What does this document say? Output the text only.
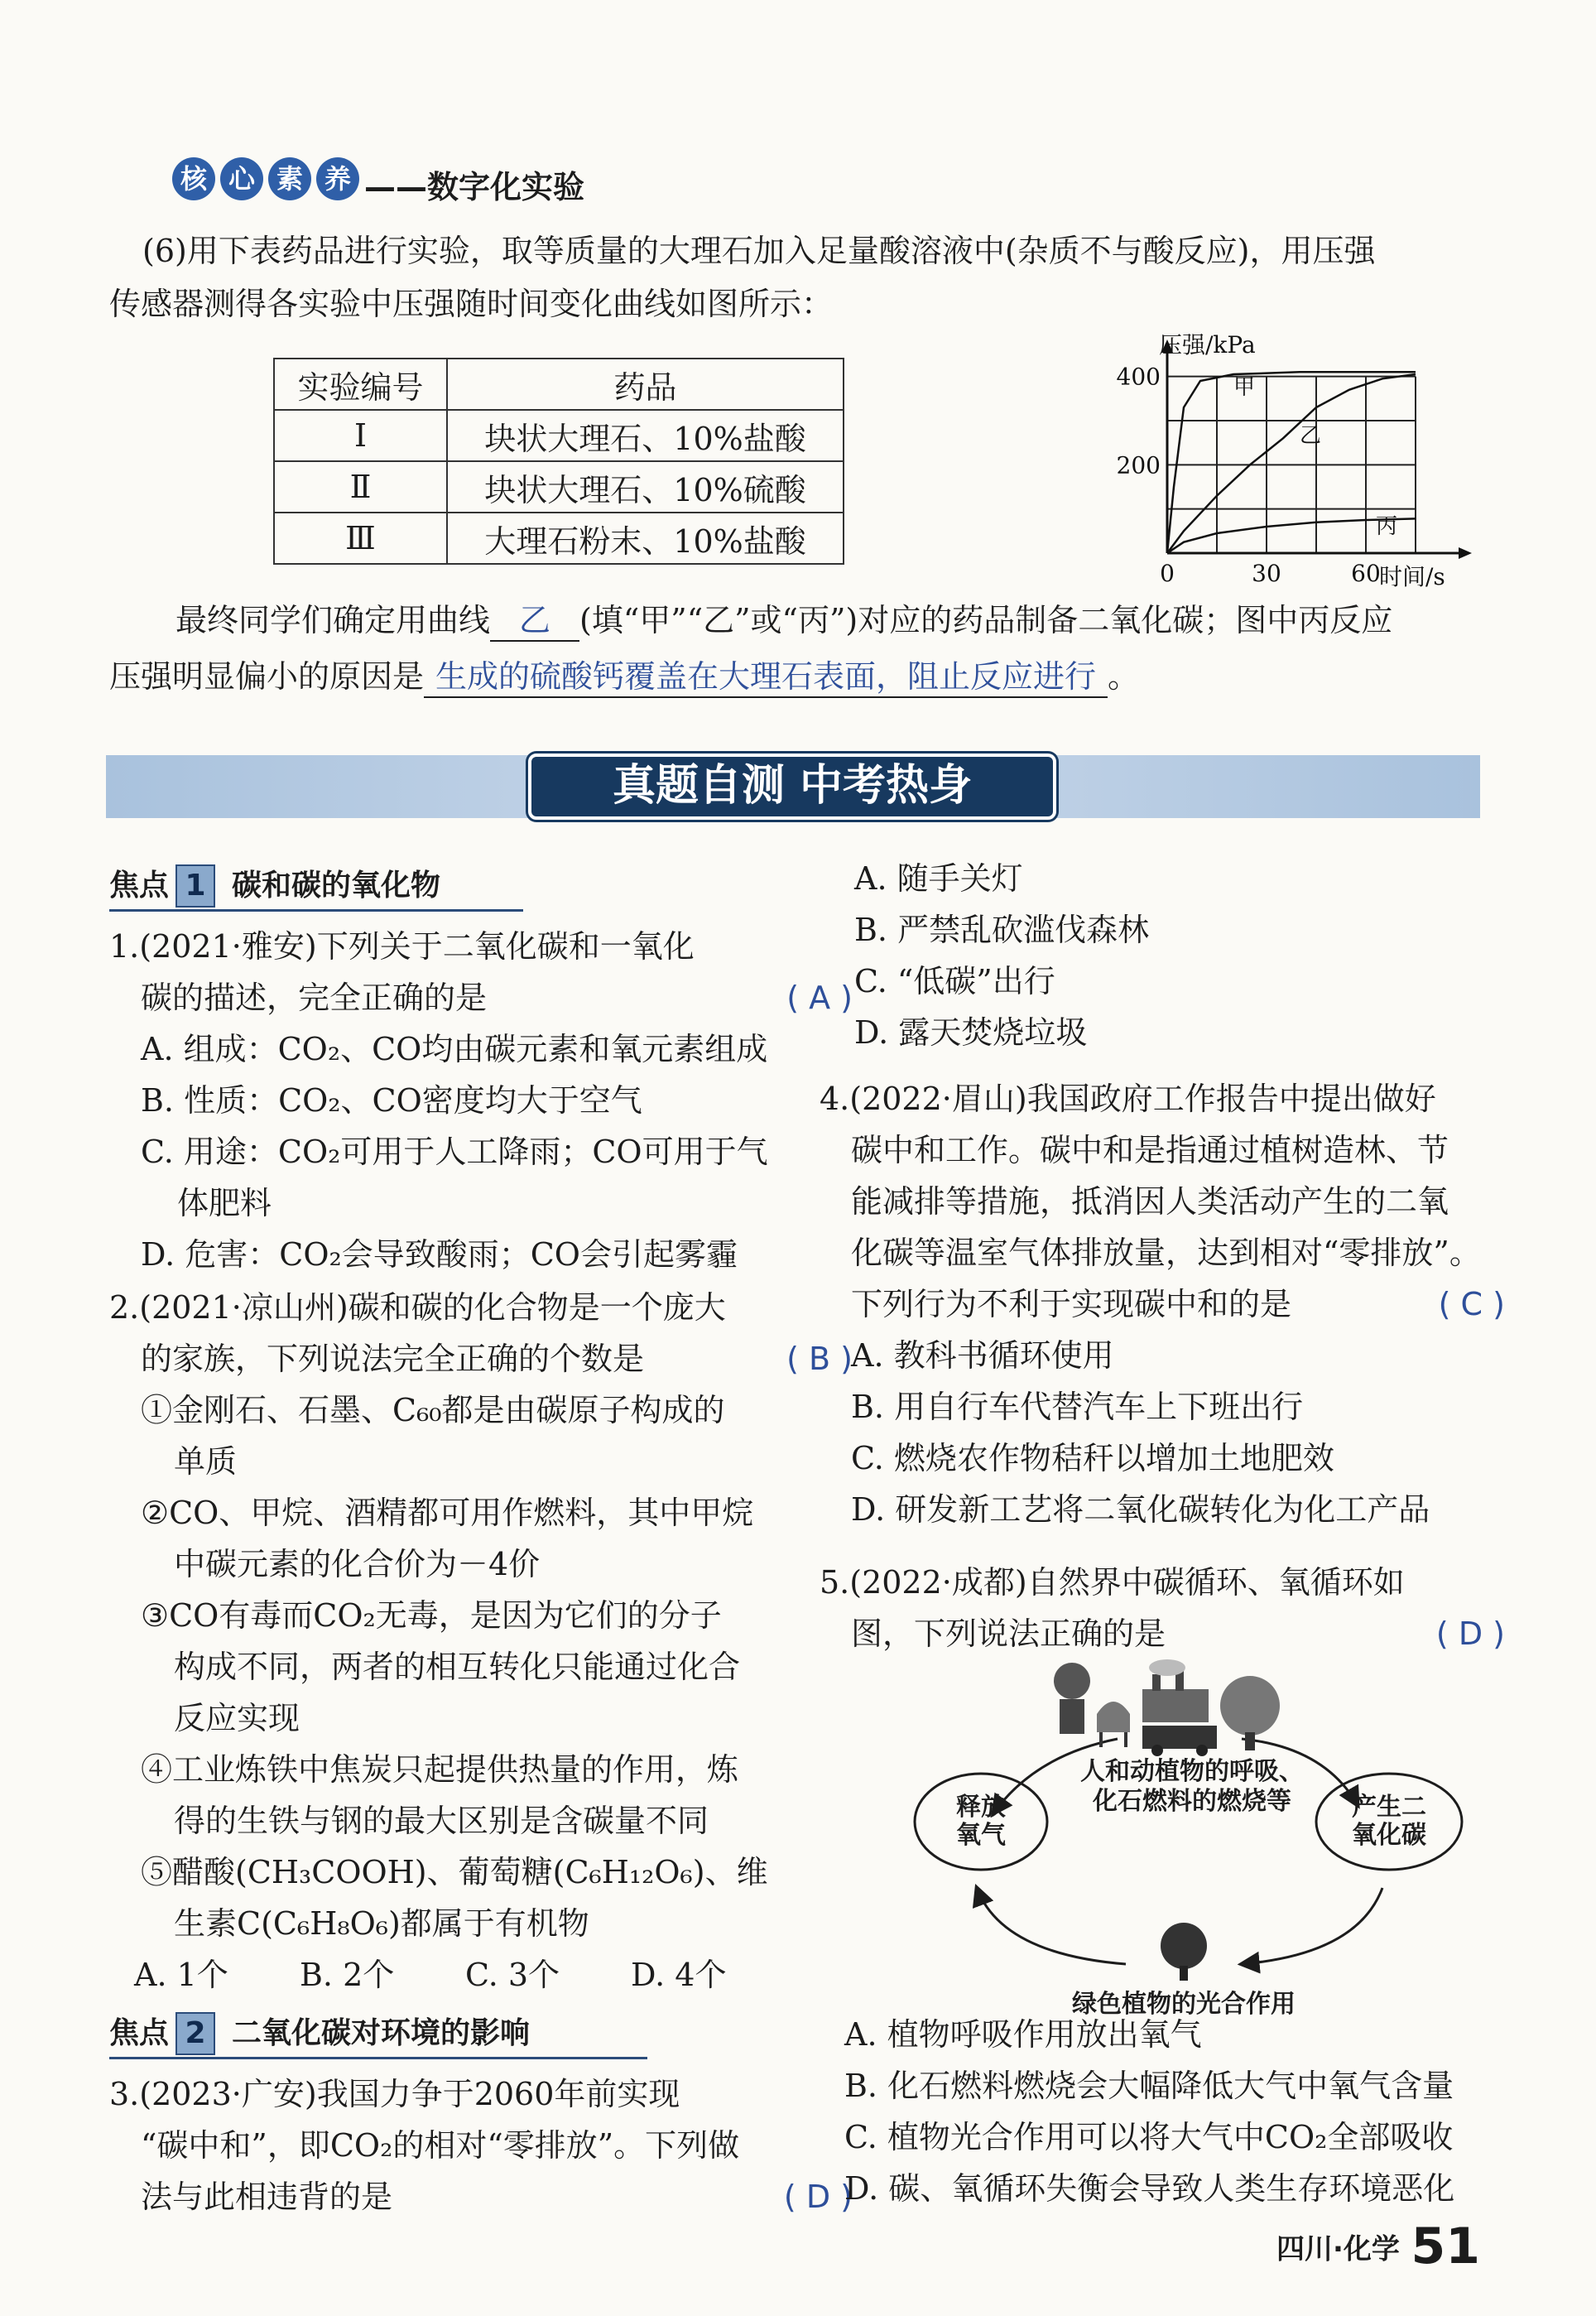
核 心 素 养 ——数字化实验
(6)用下表药品进行实验，取等质量的大理石加入足量酸溶液中(杂质不与酸反应)，用压强
传感器测得各实验中压强随时间变化曲线如图所示：
实验编号	药品
Ⅰ	块状大理石、10%盐酸
Ⅱ	块状大理石、10%硫酸
Ⅲ	大理石粉末、10%盐酸
甲
乙
丙
0	30	60
200
400
压强/kPa
时间/s
最终同学们确定用曲线 乙 (填“甲”“乙”或“丙”)对应的药品制备二氧化碳；图中丙反应
压强明显偏小的原因是 生成的硫酸钙覆盖在大理石表面，阻止反应进行 。
真题自测 中考热身
焦点 1 碳和碳的氧化物
1.(2021·雅安)下列关于二氧化碳和一氧化
碳的描述，完全正确的是	( A )
A. 组成：CO₂、CO均由碳元素和氧元素组成
B. 性质：CO₂、CO密度均大于空气
C. 用途：CO₂可用于人工降雨；CO可用于气
体肥料
D. 危害：CO₂会导致酸雨；CO会引起雾霾
2.(2021·凉山州)碳和碳的化合物是一个庞大
的家族，下列说法完全正确的个数是	( B )
①金刚石、石墨、C₆₀都是由碳原子构成的
单质
②CO、甲烷、酒精都可用作燃料，其中甲烷
中碳元素的化合价为－4价
③CO有毒而CO₂无毒，是因为它们的分子
构成不同，两者的相互转化只能通过化合
反应实现
④工业炼铁中焦炭只起提供热量的作用，炼
得的生铁与钢的最大区别是含碳量不同
⑤醋酸(CH₃COOH)、葡萄糖(C₆H₁₂O₆)、维
生素C(C₆H₈O₆)都属于有机物
A. 1个 B. 2个 C. 3个 D. 4个
焦点 2 二氧化碳对环境的影响
3.(2023·广安)我国力争于2060年前实现
“碳中和”，即CO₂的相对“零排放”。下列做
法与此相违背的是	( D )
A. 随手关灯
B. 严禁乱砍滥伐森林
C. “低碳”出行
D. 露天焚烧垃圾
4.(2022·眉山)我国政府工作报告中提出做好
碳中和工作。碳中和是指通过植树造林、节
能减排等措施，抵消因人类活动产生的二氧
化碳等温室气体排放量，达到相对“零排放”。
下列行为不利于实现碳中和的是	( C )
A. 教科书循环使用
B. 用自行车代替汽车上下班出行
C. 燃烧农作物秸秆以增加土地肥效
D. 研发新工艺将二氧化碳转化为化工产品
5.(2022·成都)自然界中碳循环、氧循环如
图，下列说法正确的是	( D )
人和动植物的呼吸、
化石燃料的燃烧等
释放
氧气
产生二
氧化碳
绿色植物的光合作用
A. 植物呼吸作用放出氧气
B. 化石燃料燃烧会大幅降低大气中氧气含量
C. 植物光合作用可以将大气中CO₂全部吸收
D. 碳、氧循环失衡会导致人类生存环境恶化
四川·化学 51
